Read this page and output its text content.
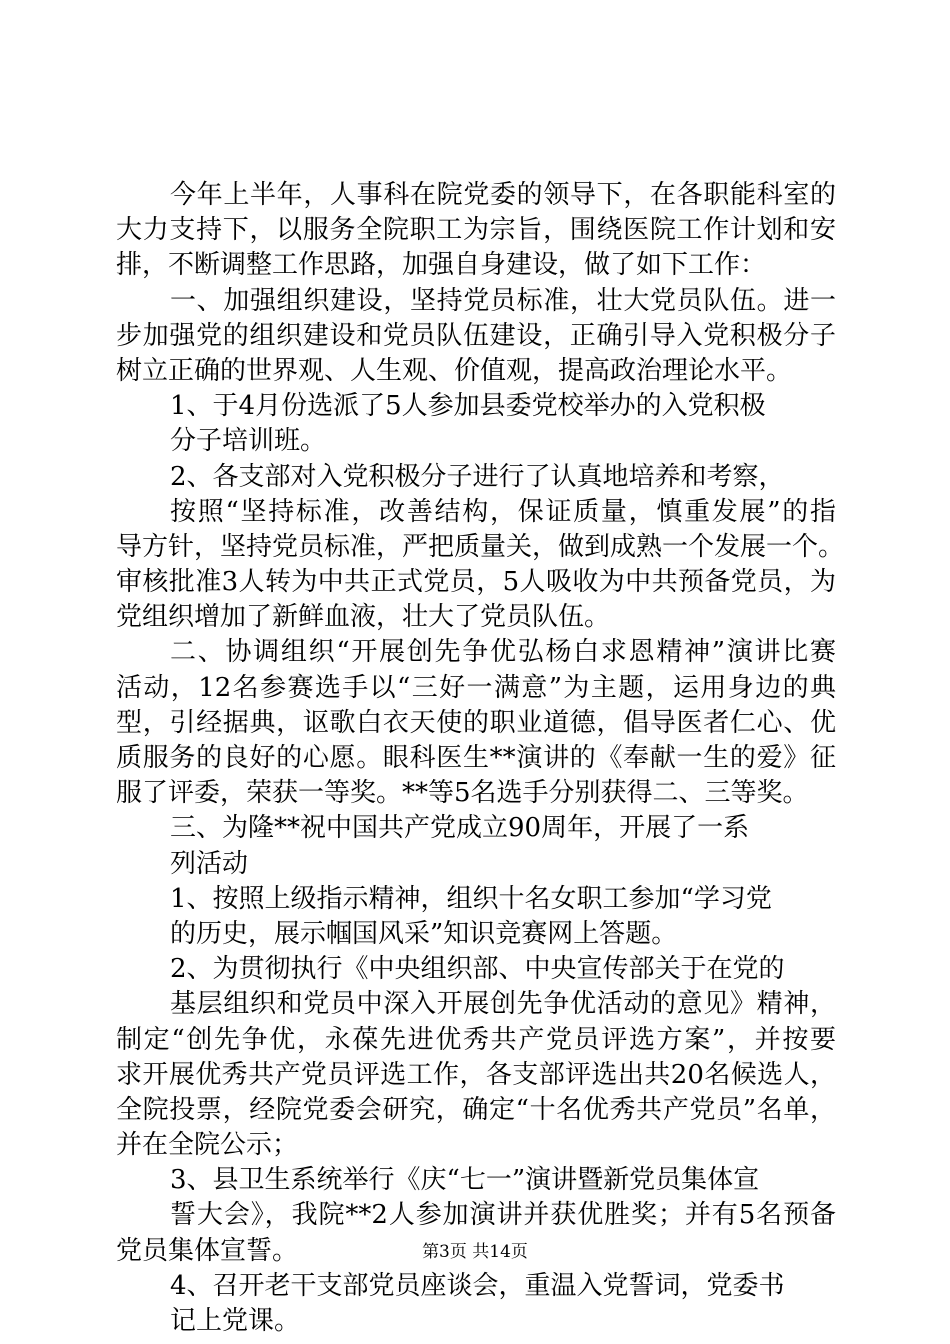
今年上半年，人事科在院党委的领导下，在各职能科室的
大力支持下，以服务全院职工为宗旨，围绕医院工作计划和安
排，不断调整工作思路，加强自身建设，做了如下工作：
一、加强组织建设，坚持党员标准，壮大党员队伍。进一
步加强党的组织建设和党员队伍建设，正确引导入党积极分子
树立正确的世界观、人生观、价值观，提高政治理论水平。
1、于4月份选派了5人参加县委党校举办的入党积极
分子培训班。
2、各支部对入党积极分子进行了认真地培养和考察，
按照“坚持标准，改善结构，保证质量，慎重发展”的指
导方针，坚持党员标准，严把质量关，做到成熟一个发展一个。
审核批准3人转为中共正式党员，5人吸收为中共预备党员，为
党组织增加了新鲜血液，壮大了党员队伍。
二、协调组织“开展创先争优弘杨白求恩精神”演讲比赛
活动，12名参赛选手以“三好一满意”为主题，运用身边的典
型，引经据典，讴歌白衣天使的职业道德，倡导医者仁心、优
质服务的良好的心愿。眼科医生**演讲的《奉献一生的爱》征
服了评委，荣获一等奖。**等5名选手分别获得二、三等奖。
三、为隆**祝中国共产党成立90周年，开展了一系
列活动
1、按照上级指示精神，组织十名女职工参加“学习党
的历史，展示帼国风采”知识竞赛网上答题。
2、为贯彻执行《中央组织部、中央宣传部关于在党的
基层组织和党员中深入开展创先争优活动的意见》精神，
制定“创先争优，永葆先进优秀共产党员评选方案”，并按要
求开展优秀共产党员评选工作，各支部评选出共20名候选人，
全院投票，经院党委会研究，确定“十名优秀共产党员”名单，
并在全院公示；
3、县卫生系统举行《庆“七一”演讲暨新党员集体宣
誓大会》，我院**2人参加演讲并获优胜奖；并有5名预备
党员集体宣誓。
4、召开老干支部党员座谈会，重温入党誓词，党委书
记上党课。
第3页 共14页
